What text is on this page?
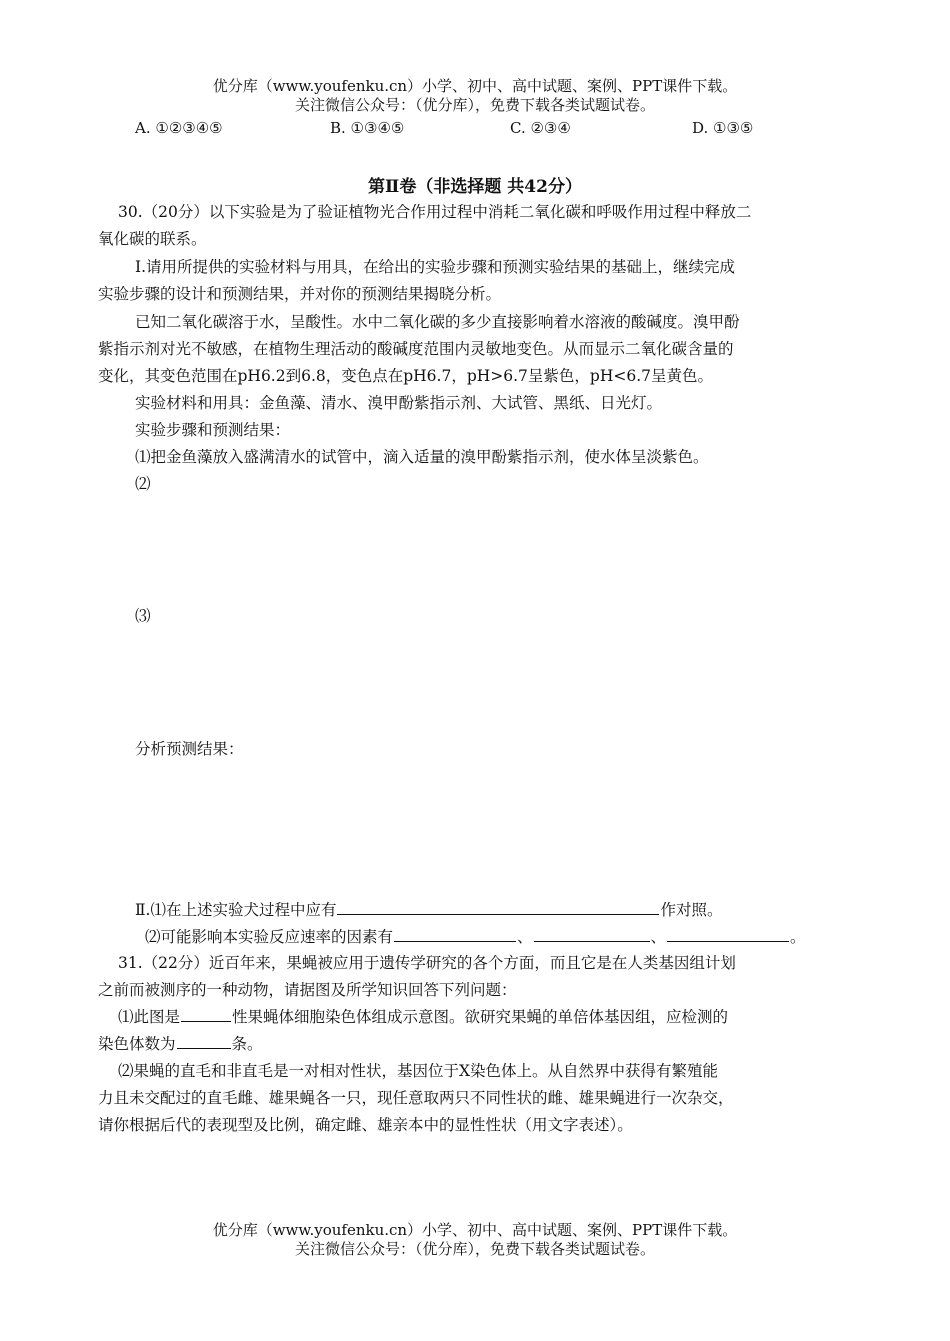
优分库（www.youfenku.cn）小学、初中、高中试题、案例、PPT课件下载。
关注微信公众号：（优分库），免费下载各类试题试卷。
A. ①②③④⑤	B. ①③④⑤	C. ②③④	D. ①③⑤
第Ⅱ卷（非选择题 共42分）
30.（20分）以下实验是为了验证植物光合作用过程中消耗二氧化碳和呼吸作用过程中释放二
氧化碳的联系。
Ⅰ.请用所提供的实验材料与用具，在给出的实验步骤和预测实验结果的基础上，继续完成
实验步骤的设计和预测结果，并对你的预测结果揭晓分析。
已知二氧化碳溶于水，呈酸性。水中二氧化碳的多少直接影响着水溶液的酸碱度。溴甲酚
紫指示剂对光不敏感，在植物生理活动的酸碱度范围内灵敏地变色。从而显示二氧化碳含量的
变化，其变色范围在pH6.2到6.8，变色点在pH6.7，pH>6.7呈紫色，pH<6.7呈黄色。
实验材料和用具：金鱼藻、清水、溴甲酚紫指示剂、大试管、黑纸、日光灯。
实验步骤和预测结果：
⑴把金鱼藻放入盛满清水的试管中，滴入适量的溴甲酚紫指示剂，使水体呈淡紫色。
⑵
⑶
分析预测结果：
Ⅱ.⑴在上述实验犬过程中应有	作对照。
⑵可能影响本实验反应速率的因素有	、	、	。
31.（22分）近百年来，果蝇被应用于遗传学研究的各个方面，而且它是在人类基因组计划
之前而被测序的一种动物，请据图及所学知识回答下列问题：
⑴此图是	性果蝇体细胞染色体组成示意图。欲研究果蝇的单倍体基因组，应检测的
染色体数为	条。
⑵果蝇的直毛和非直毛是一对相对性状，基因位于X染色体上。从自然界中获得有繁殖能
力且未交配过的直毛雌、雄果蝇各一只，现任意取两只不同性状的雌、雄果蝇进行一次杂交，
请你根据后代的表现型及比例，确定雌、雄亲本中的显性性状（用文字表述）。
优分库（www.youfenku.cn）小学、初中、高中试题、案例、PPT课件下载。
关注微信公众号：（优分库），免费下载各类试题试卷。
